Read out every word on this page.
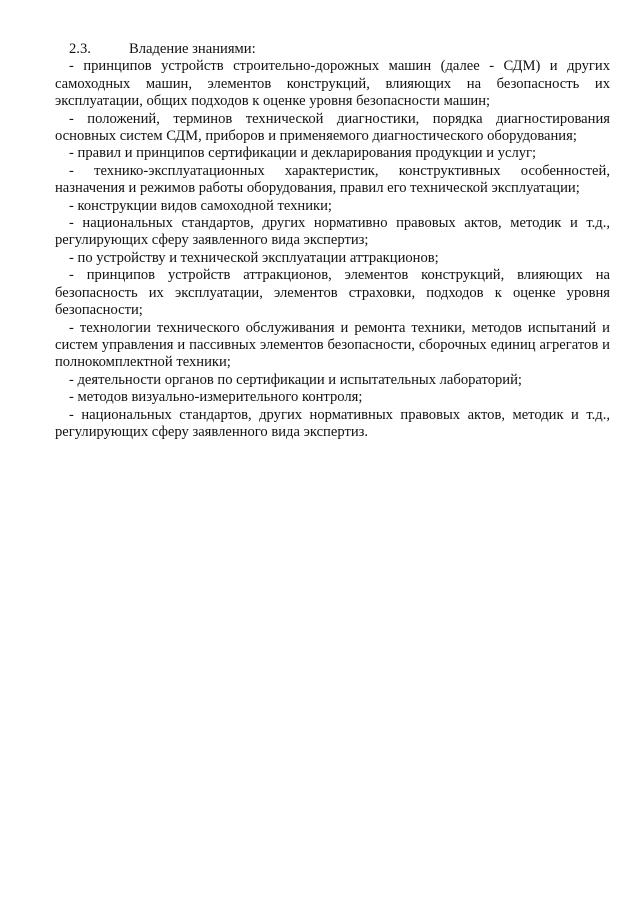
2.3.	Владение знаниями:

- принципов устройств строительно-дорожных машин (далее - СДМ) и других самоходных машин, элементов конструкций, влияющих на безопасность их эксплуатации, общих подходов к оценке уровня безопасности машин;

- положений, терминов технической диагностики, порядка диагностирования основных систем СДМ, приборов и применяемого диагностического оборудования;

- правил и принципов сертификации и декларирования продукции и услуг;

- технико-эксплуатационных характеристик, конструктивных особенностей, назначения и режимов работы оборудования, правил его технической эксплуатации;

- конструкции видов самоходной техники;

- национальных стандартов, других нормативно правовых актов, методик и т.д., регулирующих сферу заявленного вида экспертиз;

- по устройству и технической эксплуатации аттракционов;

- принципов устройств аттракционов, элементов конструкций, влияющих на безопасность их эксплуатации, элементов страховки, подходов к оценке уровня безопасности;

- технологии технического обслуживания и ремонта техники, методов испытаний и систем управления и пассивных элементов безопасности, сборочных единиц агрегатов и полнокомплектной техники;

- деятельности органов по сертификации и испытательных лабораторий;

- методов визуально-измерительного контроля;

- национальных стандартов, других нормативных правовых актов, методик и т.д., регулирующих сферу заявленного вида экспертиз.
